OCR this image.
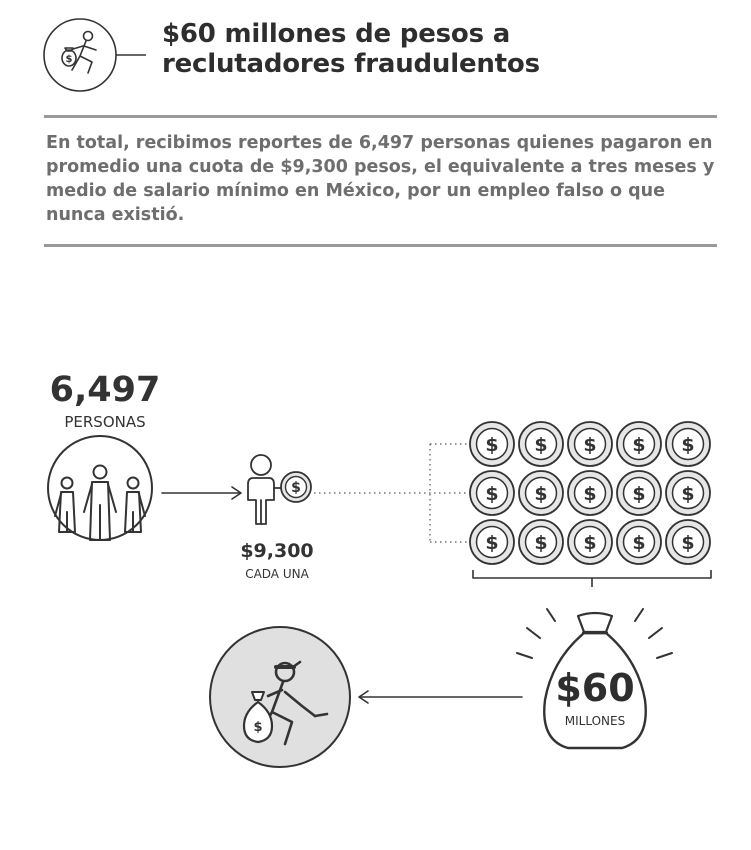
$
$
$ $ $ $ $
$ $ $ $ $
$ $ $ $ $
$
$60 millones de pesos a
reclutadores fraudulentos

En total, recibimos reportes de 6,497 personas quienes pagaron en promedio una cuota de $9,300 pesos, el equivalente a tres meses y medio de salario mínimo en México, por un empleo falso o que nunca existió.

6,497
PERSONAS
$9,300
CADA UNA
$60
MILLONES
